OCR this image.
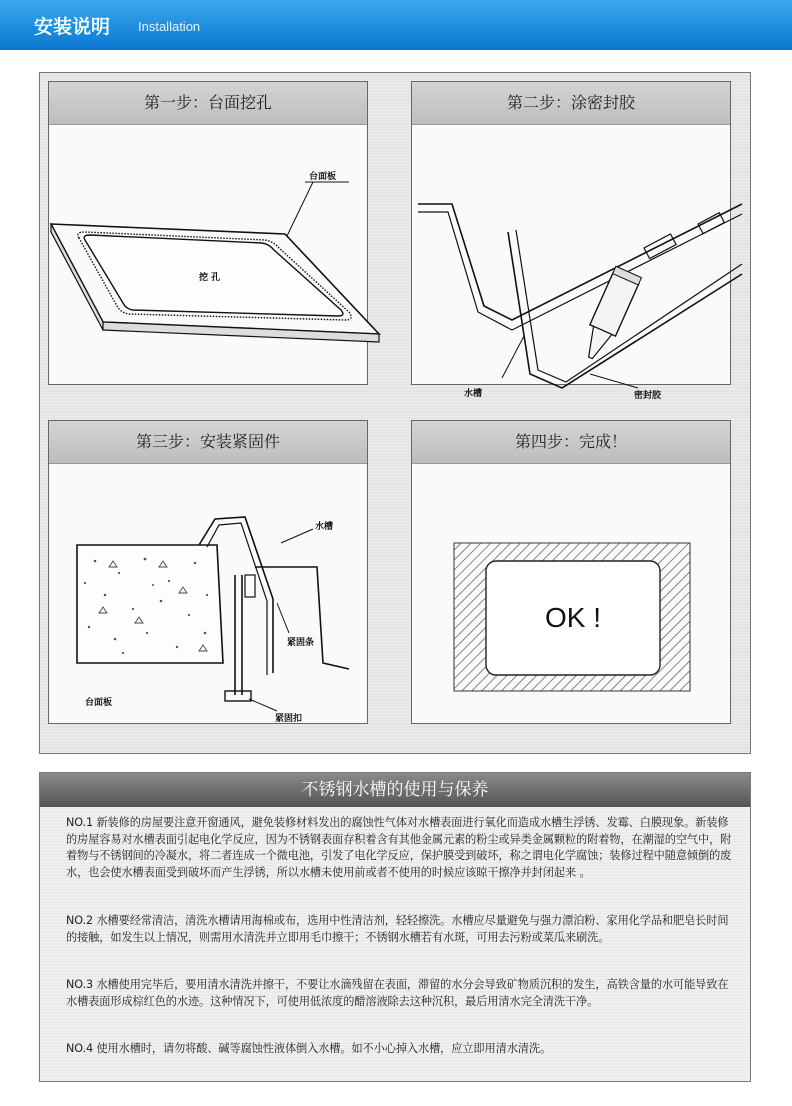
安装说明 Installation
第一步：台面挖孔
挖 孔
台面板
第二步：涂密封胶
水槽	密封胶
第三步：安装紧固件
水槽
紧固条
台面板
紧固扣
第四步：完成！
OK !
不锈钢水槽的使用与保养

NO.1 新装修的房屋要注意开窗通风，避免装修材料发出的腐蚀性气体对水槽表面进行氧化而造成水槽生浮锈、发霉、白膜现象。新装修的房屋容易对水槽表面引起电化学反应，因为不锈钢表面存积着含有其他金属元素的粉尘或异类金属颗粒的附着物，在潮湿的空气中，附着物与不锈钢间的冷凝水，将二者连成一个微电池，引发了电化学反应，保护膜受到破坏，称之谓电化学腐蚀；装修过程中随意倾倒的废水，也会使水槽表面受到破坏而产生浮锈，所以水槽未使用前或者不使用的时候应该晾干擦净并封闭起来 。

NO.2 水槽要经常清洁，清洗水槽请用海棉或布，选用中性清洁剂，轻轻擦洗。水槽应尽量避免与强力漂泊粉、家用化学品和肥皂长时间的接触，如发生以上情况，则需用水清洗并立即用毛巾擦干；不锈钢水槽若有水斑，可用去污粉或菜瓜来刷洗。

NO.3 水槽使用完毕后，要用清水清洗并擦干，不要让水滴残留在表面，滞留的水分会导致矿物质沉积的发生，高铁含量的水可能导致在水槽表面形成棕红色的水迹。这种情况下，可使用低浓度的醋溶液除去这种沉积，最后用清水完全清洗干净。

NO.4 使用水槽时，请勿将酸、碱等腐蚀性液体倒入水槽。如不小心掉入水槽，应立即用清水清洗。
